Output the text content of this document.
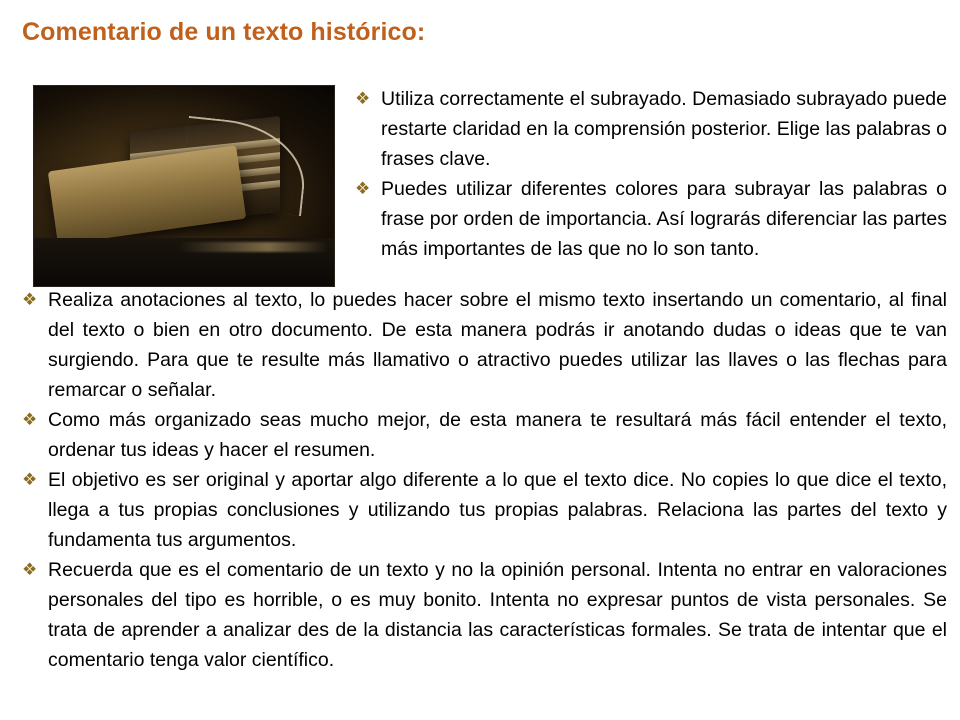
Comentario de un texto histórico:
❖ Utiliza correctamente el subrayado. Demasiado subrayado puede restarte claridad en la comprensión posterior. Elige las palabras o frases clave.
❖ Puedes utilizar diferentes colores para subrayar las palabras o frase por orden de importancia. Así lograrás diferenciar las partes más importantes de las que no lo son tanto.
❖ Realiza anotaciones al texto, lo puedes hacer sobre el mismo texto insertando un comentario, al final del texto o bien en otro documento. De esta manera podrás ir anotando dudas o ideas que te van surgiendo. Para que te resulte más llamativo o atractivo puedes utilizar las llaves o las flechas para remarcar o señalar.
❖ Como más organizado seas mucho mejor, de esta manera te resultará más fácil entender el texto, ordenar tus ideas y hacer el resumen.
❖ El objetivo es ser original y aportar algo diferente a lo que el texto dice. No copies lo que dice el texto, llega a tus propias conclusiones y utilizando tus propias palabras. Relaciona las partes del texto y fundamenta tus argumentos.
❖ Recuerda que es el comentario de un texto y no la opinión personal. Intenta no entrar en valoraciones personales del tipo es horrible, o es muy bonito. Intenta no expresar puntos de vista personales. Se trata de aprender a analizar des de la distancia las características formales. Se trata de intentar que el comentario tenga valor científico.
